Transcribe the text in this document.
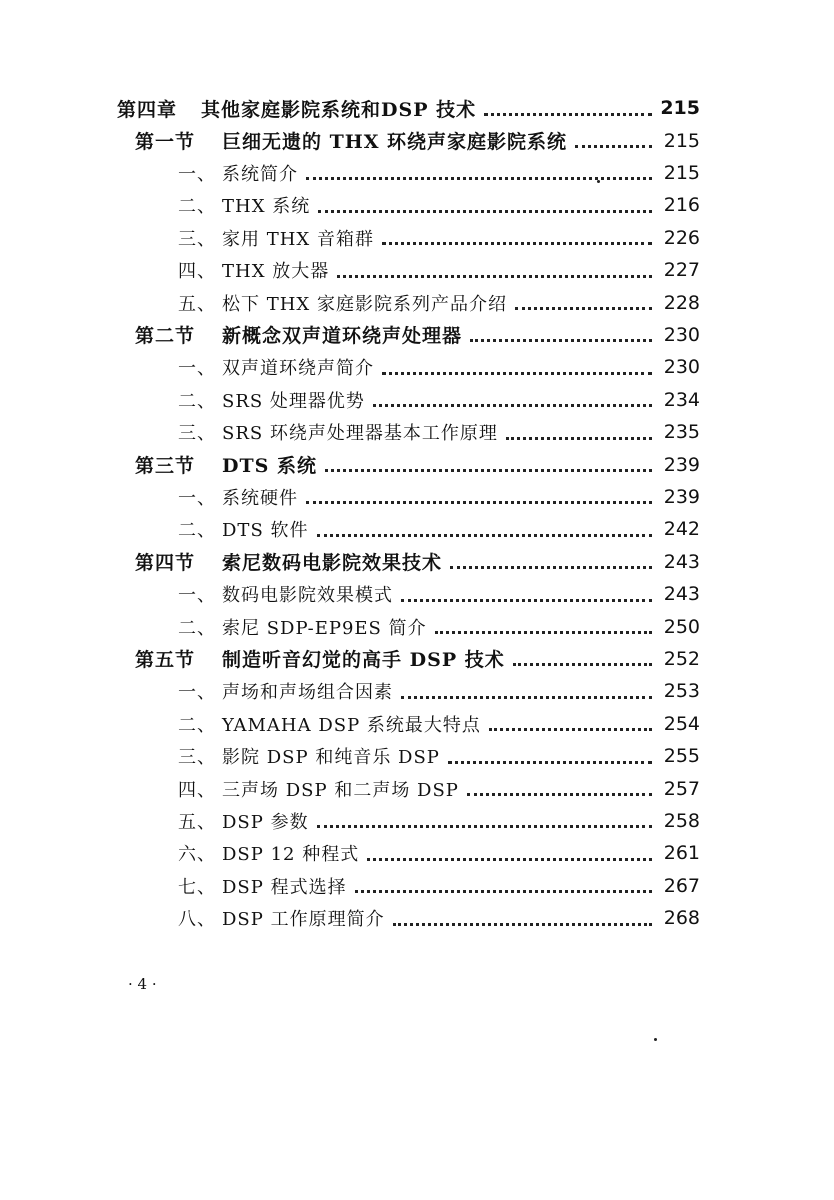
第四章 其他家庭影院系统和DSP 技术	215
第一节 巨细无遗的 THX 环绕声家庭影院系统	215
一、 系统简介	215
二、 THX 系统	216
三、 家用 THX 音箱群	226
四、 THX 放大器	227
五、 松下 THX 家庭影院系列产品介绍	228
第二节 新概念双声道环绕声处理器	230
一、 双声道环绕声简介	230
二、 SRS 处理器优势	234
三、 SRS 环绕声处理器基本工作原理	235
第三节 DTS 系统	239
一、 系统硬件	239
二、 DTS 软件	242
第四节 索尼数码电影院效果技术	243
一、 数码电影院效果模式	243
二、 索尼 SDP-EP9ES 简介	250
第五节 制造听音幻觉的高手 DSP 技术	252
一、 声场和声场组合因素	253
二、 YAMAHA DSP 系统最大特点	254
三、 影院 DSP 和纯音乐 DSP	255
四、 三声场 DSP 和二声场 DSP	257
五、 DSP 参数	258
六、 DSP 12 种程式	261
七、 DSP 程式选择	267
八、 DSP 工作原理简介	268
· 4 ·
